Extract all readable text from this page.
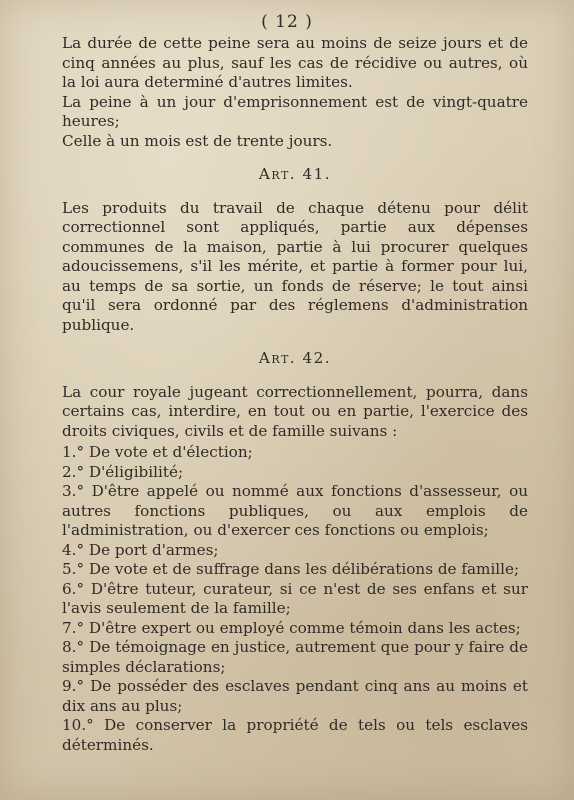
( 12 )

La durée de cette peine sera au moins de seize jours et de cinq années au plus, sauf les cas de récidive ou autres, où la loi aura determiné d'autres limites.

La peine à un jour d'emprisonnement est de vingt-quatre heures;

Celle à un mois est de trente jours.

Art. 41.

Les produits du travail de chaque détenu pour délit correctionnel sont appliqués, partie aux dépenses communes de la maison, partie à lui procurer quelques adoucissemens, s'il les mérite, et partie à former pour lui, au temps de sa sortie, un fonds de réserve; le tout ainsi qu'il sera ordonné par des réglemens d'administration publique.

Art. 42.

La cour royale jugeant correctionnellement, pourra, dans certains cas, interdire, en tout ou en partie, l'exercice des droits civiques, civils et de famille suivans :

1.° De vote et d'élection;
2.° D'éligibilité;
3.° D'être appelé ou nommé aux fonctions d'assesseur, ou autres fonctions publiques, ou aux emplois de l'administration, ou d'exercer ces fonctions ou emplois;
4.° De port d'armes;
5.° De vote et de suffrage dans les délibérations de famille;
6.° D'être tuteur, curateur, si ce n'est de ses enfans et sur l'avis seulement de la famille;
7.° D'être expert ou employé comme témoin dans les actes;
8.° De témoignage en justice, autrement que pour y faire de simples déclarations;
9.° De posséder des esclaves pendant cinq ans au moins et dix ans au plus;
10.° De conserver la propriété de tels ou tels esclaves déterminés.
